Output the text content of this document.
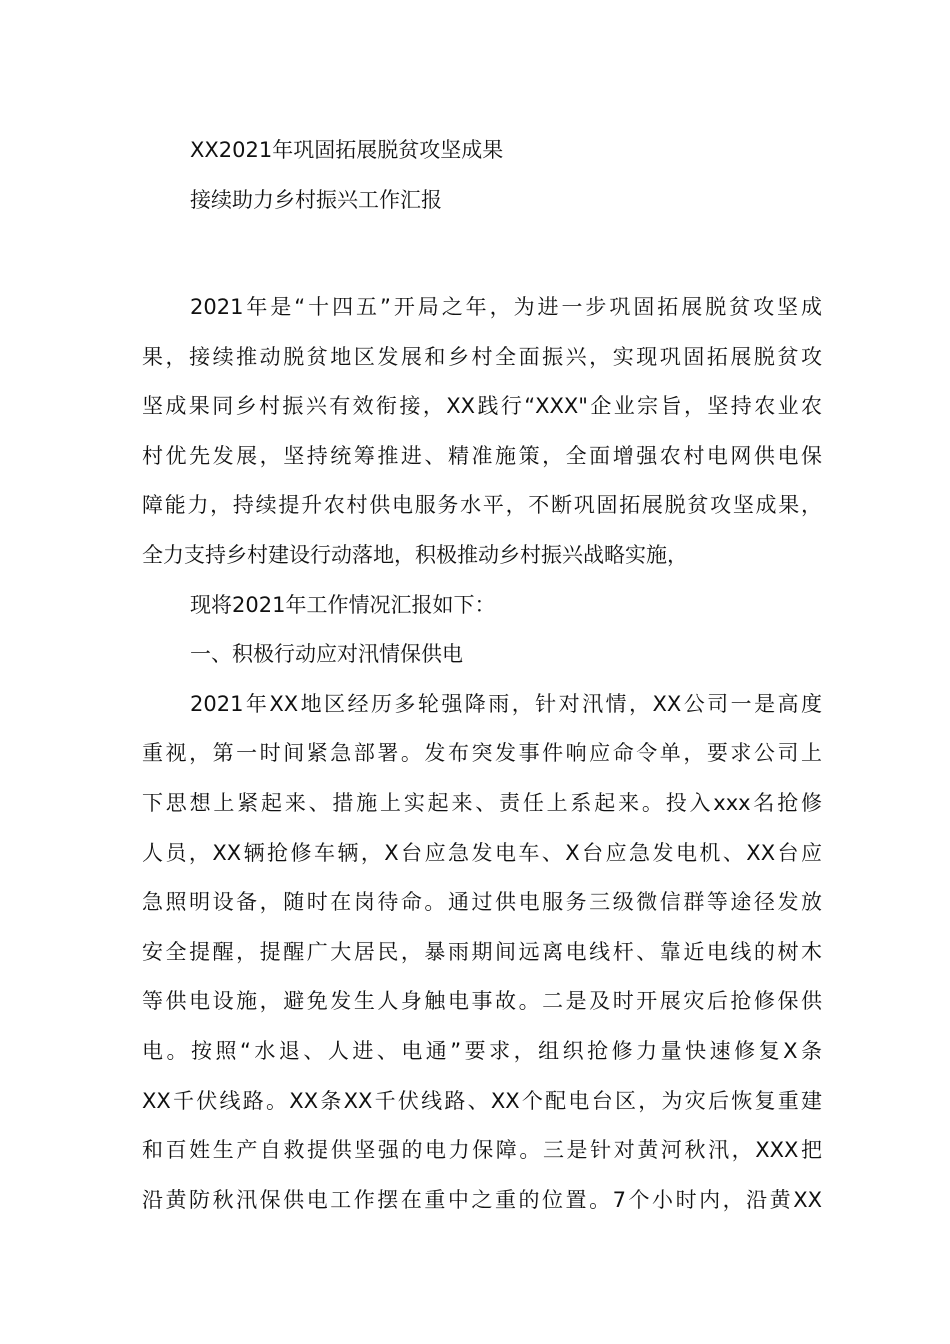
XX2021年巩固拓展脱贫攻坚成果
接续助力乡村振兴工作汇报
2021年是“十四五”开局之年，为进一步巩固拓展脱贫攻坚成
果，接续推动脱贫地区发展和乡村全面振兴，实现巩固拓展脱贫攻
坚成果同乡村振兴有效衔接，XX践行“XXX"企业宗旨，坚持农业农
村优先发展，坚持统筹推进、精准施策，全面增强农村电网供电保
障能力，持续提升农村供电服务水平，不断巩固拓展脱贫攻坚成果，
全力支持乡村建设行动落地，积极推动乡村振兴战略实施，
现将2021年工作情况汇报如下：
一、积极行动应对汛情保供电
2021年XX地区经历多轮强降雨，针对汛情，XX公司一是高度
重视，第一时间紧急部署。发布突发事件响应命令单，要求公司上
下思想上紧起来、措施上实起来、责任上系起来。投入xxx名抢修
人员，XX辆抢修车辆，X台应急发电车、X台应急发电机、XX台应
急照明设备，随时在岗待命。通过供电服务三级微信群等途径发放
安全提醒，提醒广大居民，暴雨期间远离电线杆、靠近电线的树木
等供电设施，避免发生人身触电事故。二是及时开展灾后抢修保供
电。按照“水退、人进、电通”要求，组织抢修力量快速修复X条
XX千伏线路。XX条XX千伏线路、XX个配电台区，为灾后恢复重建
和百姓生产自救提供坚强的电力保障。三是针对黄河秋汛，XXX把
沿黄防秋汛保供电工作摆在重中之重的位置。7个小时内，沿黄XX
